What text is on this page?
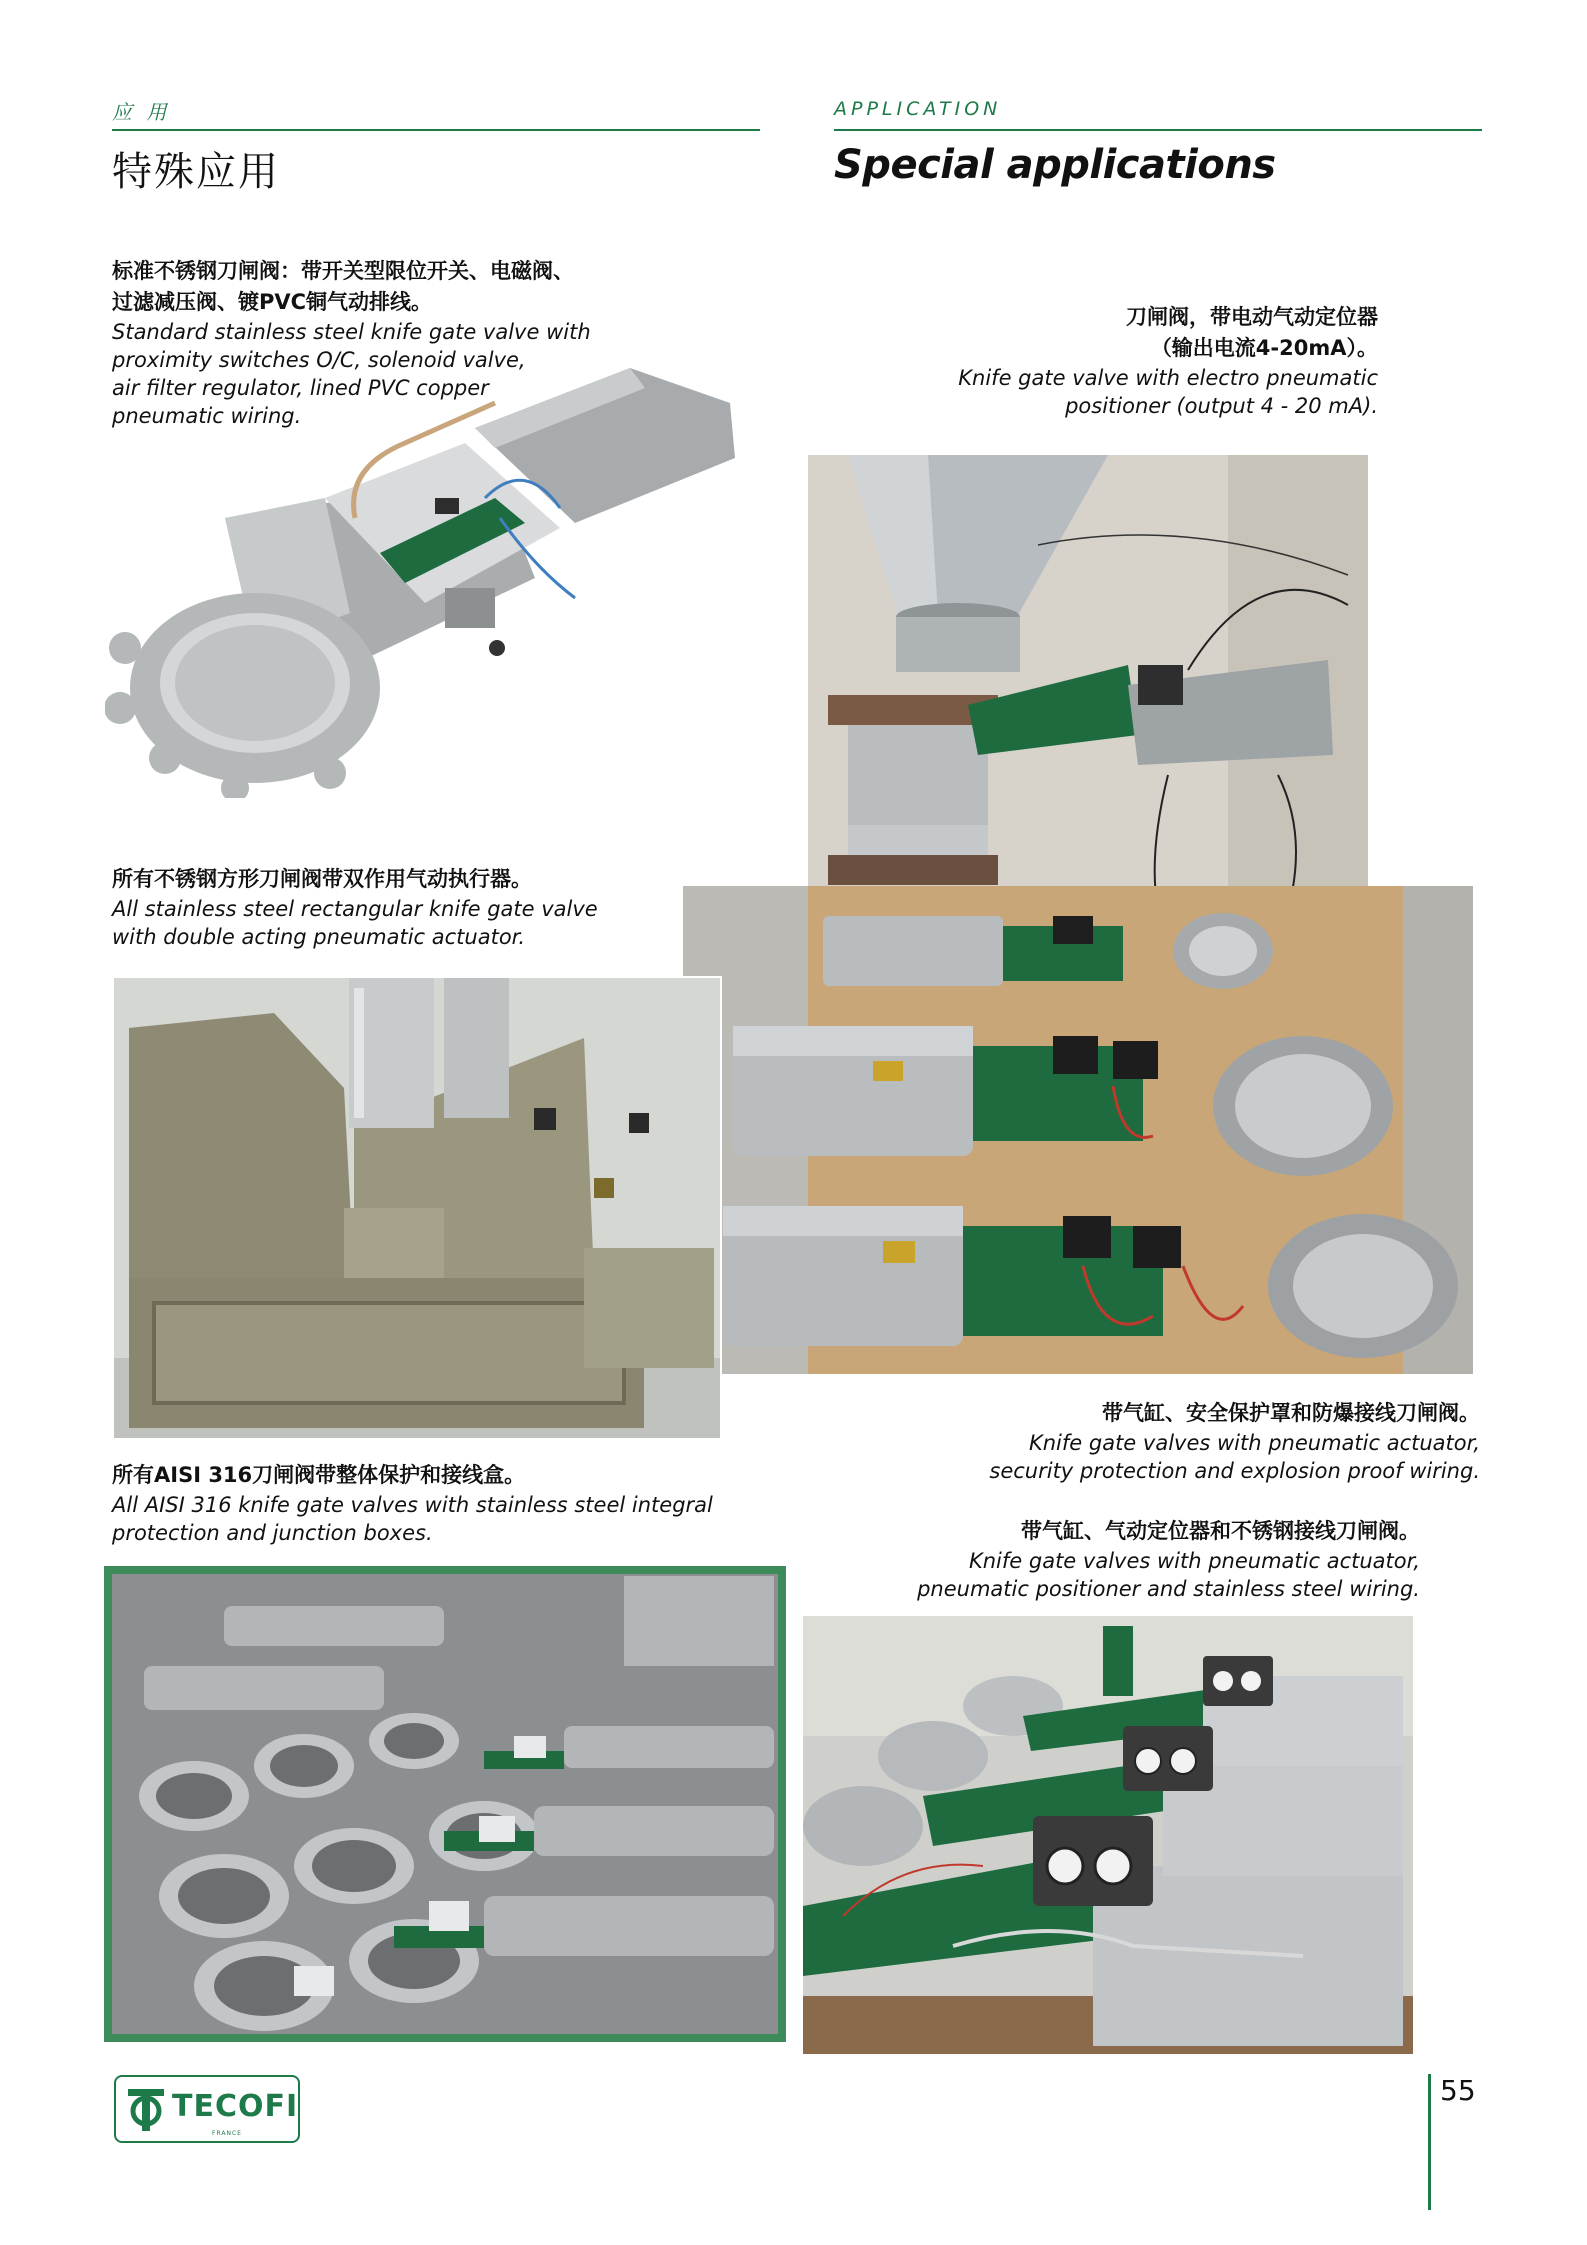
应 用
特殊应用
APPLICATION
Special applications
标准不锈钢刀闸阀：带开关型限位开关、电磁阀、
过滤减压阀、镀PVC铜气动排线。
Standard stainless steel knife gate valve with
proximity switches O/C, solenoid valve,
air filter regulator, lined PVC copper
pneumatic wiring.
刀闸阀，带电动气动定位器
（输出电流4-20mA）。
Knife gate valve with electro pneumatic
positioner (output 4 - 20 mA).
所有不锈钢方形刀闸阀带双作用气动执行器。
All stainless steel rectangular knife gate valve
with double acting pneumatic actuator.
带气缸、安全保护罩和防爆接线刀闸阀。
Knife gate valves with pneumatic actuator,
security protection and explosion proof wiring.
所有AISI 316刀闸阀带整体保护和接线盒。
All AISI 316 knife gate valves with stainless steel integral
protection and junction boxes.	带气缸、气动定位器和不锈钢接线刀闸阀。
Knife gate valves with pneumatic actuator,
pneumatic positioner and stainless steel wiring.
TECOFI
FRANCE
55
